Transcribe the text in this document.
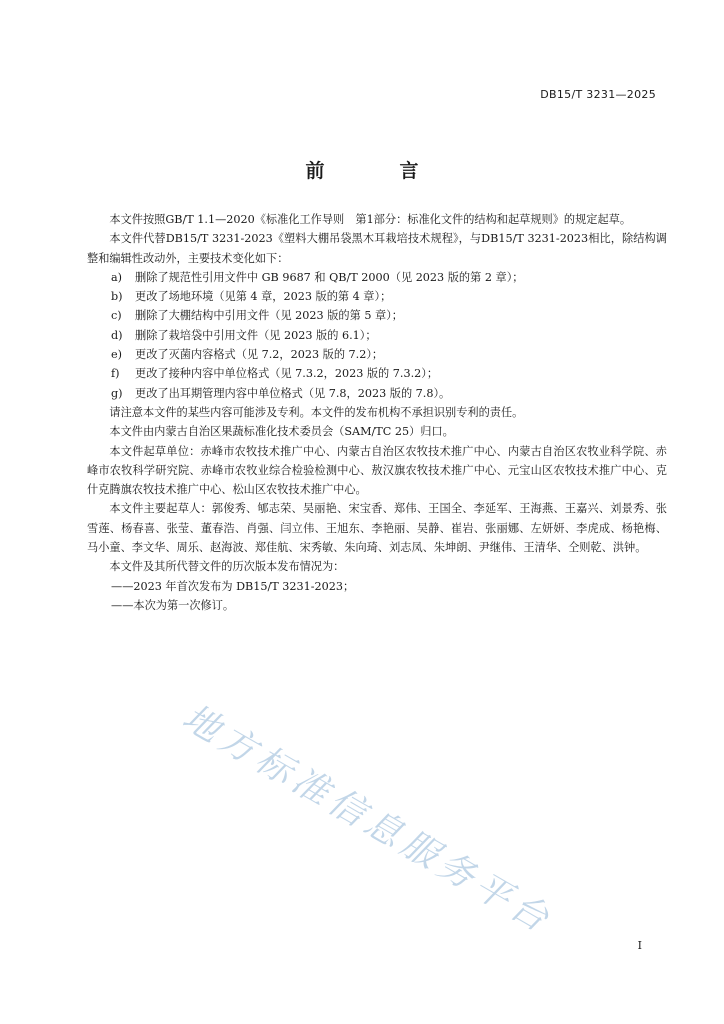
DB15/T 3231—2025
前　言

本文件按照GB/T 1.1—2020《标准化工作导则　第1部分：标准化文件的结构和起草规则》的规定起草。

本文件代替DB15/T 3231-2023《塑料大棚吊袋黑木耳栽培技术规程》，与DB15/T 3231-2023相比，除结构调整和编辑性改动外，主要技术变化如下：

a)	删除了规范性引用文件中 GB 9687 和 QB/T 2000（见 2023 版的第 2 章）；

b)	更改了场地环境（见第 4 章，2023 版的第 4 章）；

c)	删除了大棚结构中引用文件（见 2023 版的第 5 章）；

d)	删除了栽培袋中引用文件（见 2023 版的 6.1）；

e)	更改了灭菌内容格式（见 7.2，2023 版的 7.2）；

f)	更改了接种内容中单位格式（见 7.3.2，2023 版的 7.3.2）；

g)	更改了出耳期管理内容中单位格式（见 7.8，2023 版的 7.8）。

请注意本文件的某些内容可能涉及专利。本文件的发布机构不承担识别专利的责任。

本文件由内蒙古自治区果蔬标准化技术委员会（SAM/TC 25）归口。

本文件起草单位：赤峰市农牧技术推广中心、内蒙古自治区农牧技术推广中心、内蒙古自治区农牧业科学院、赤峰市农牧科学研究院、赤峰市农牧业综合检验检测中心、敖汉旗农牧技术推广中心、元宝山区农牧技术推广中心、克什克腾旗农牧技术推广中心、松山区农牧技术推广中心。

本文件主要起草人：郭俊秀、郇志荣、吴丽艳、宋宝香、郑伟、王国全、李延军、王海燕、王嘉兴、刘景秀、张雪莲、杨春喜、张莹、董春浩、肖强、闫立伟、王旭东、李艳丽、吴静、崔岩、张丽娜、左妍妍、李虎成、杨艳梅、马小童、李文华、周乐、赵海波、郑佳航、宋秀敏、朱向琦、刘志凤、朱坤朗、尹继伟、王清华、仝则乾、洪钟。

本文件及其所代替文件的历次版本发布情况为：

——2023 年首次发布为 DB15/T 3231-2023；

——本次为第一次修订。

地方标准信息服务平台
I
